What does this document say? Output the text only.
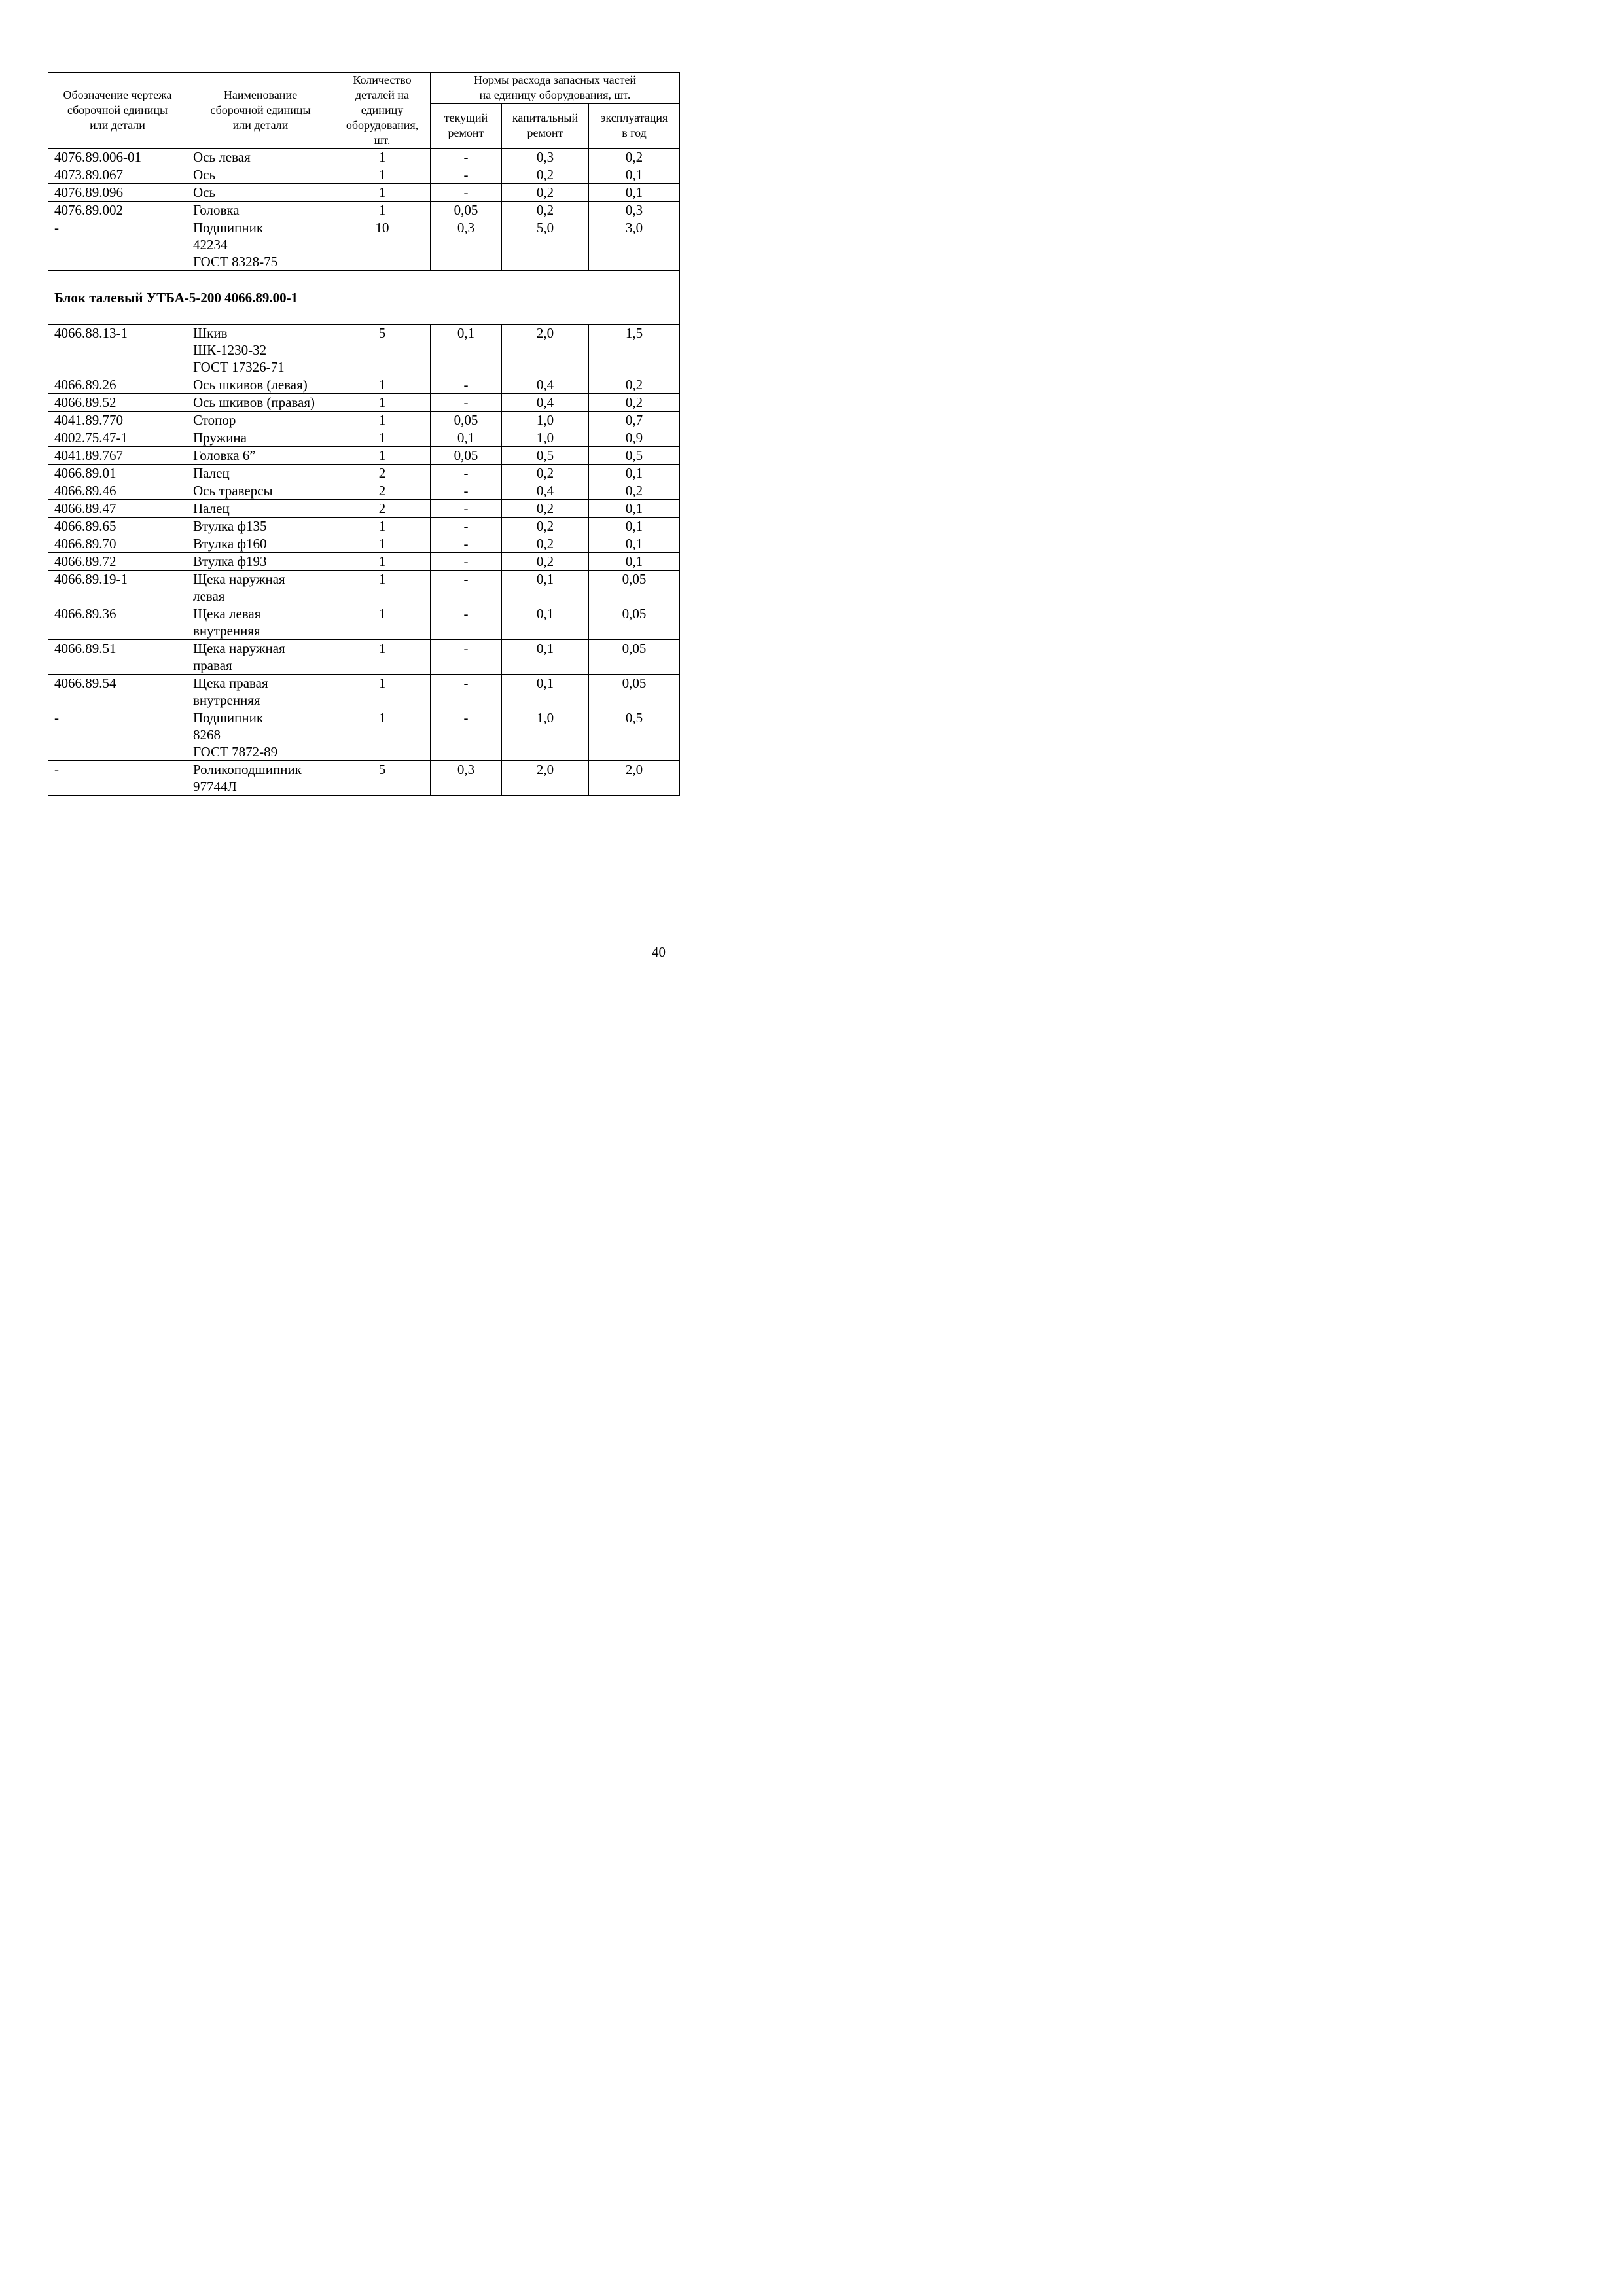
Обозначение чертежа
сборочной единицы
или детали	Наименование
сборочной единицы
или детали	Количество
деталей на
единицу
оборудования,
шт.	Нормы расхода запасных частей
на единицу оборудования, шт.		
			текущий
ремонт	капитальный
ремонт	эксплуатация
в год
4076.89.006-01	Ось левая	1	-	0,3	0,2
4073.89.067	Ось	1	-	0,2	0,1
4076.89.096	Ось	1	-	0,2	0,1
4076.89.002	Головка	1	0,05	0,2	0,3
-	Подшипник
42234
ГОСТ 8328-75	10	0,3	5,0	3,0
Блок талевый УТБА-5-200 4066.89.00-1					
4066.88.13-1	Шкив
ШК-1230-32
ГОСТ 17326-71	5	0,1	2,0	1,5
4066.89.26	Ось шкивов (левая)	1	-	0,4	0,2
4066.89.52	Ось шкивов (правая)	1	-	0,4	0,2
4041.89.770	Стопор	1	0,05	1,0	0,7
4002.75.47-1	Пружина	1	0,1	1,0	0,9
4041.89.767	Головка 6”	1	0,05	0,5	0,5
4066.89.01	Палец	2	-	0,2	0,1
4066.89.46	Ось траверсы	2	-	0,4	0,2
4066.89.47	Палец	2	-	0,2	0,1
4066.89.65	Втулка ф135	1	-	0,2	0,1
4066.89.70	Втулка ф160	1	-	0,2	0,1
4066.89.72	Втулка ф193	1	-	0,2	0,1
4066.89.19-1	Щека наружная
левая	1	-	0,1	0,05
4066.89.36	Щека левая
внутренняя	1	-	0,1	0,05
4066.89.51	Щека наружная
правая	1	-	0,1	0,05
4066.89.54	Щека правая
внутренняя	1	-	0,1	0,05
-	Подшипник
8268
ГОСТ 7872-89	1	-	1,0	0,5
-	Роликоподшипник
97744Л	5	0,3	2,0	2,0
40
